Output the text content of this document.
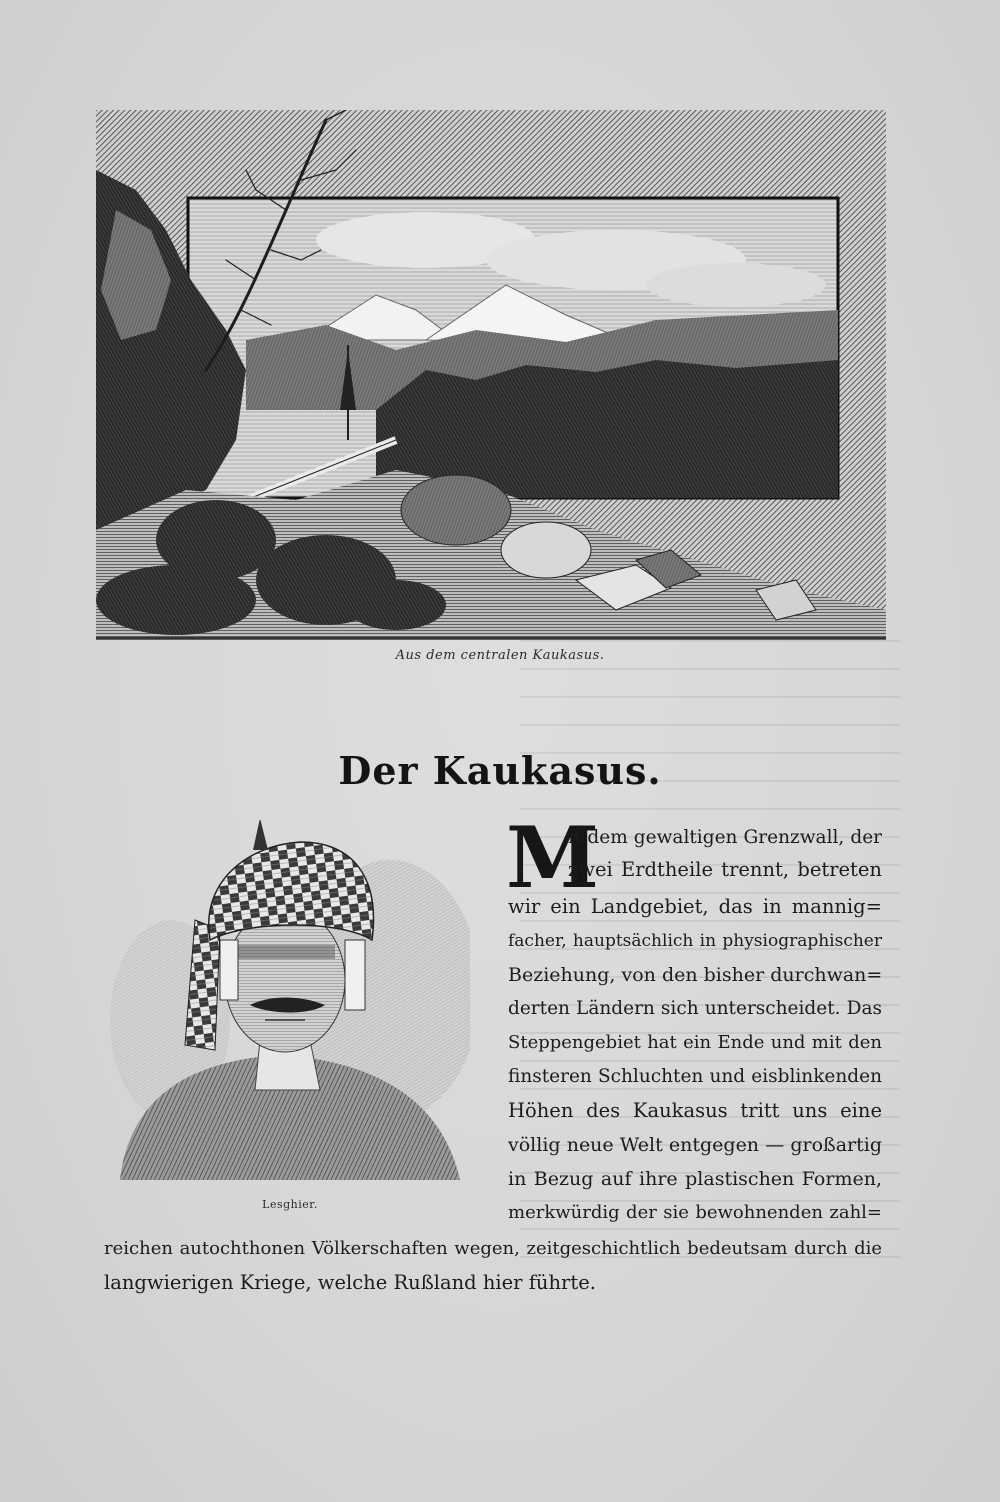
Aus dem centralen Kaukasus.
Der Kaukasus.
Lesghier.
M
it dem gewaltigen Grenzwall, der
zwei Erdtheile trennt, betreten
wir ein Landgebiet, das in mannig=
facher, hauptsächlich in physiographischer
Beziehung, von den bisher durchwan=
derten Ländern sich unterscheidet. Das
Steppengebiet hat ein Ende und mit den
finsteren Schluchten und eisblinkenden
Höhen des Kaukasus tritt uns eine
völlig neue Welt entgegen — großartig
in Bezug auf ihre plastischen Formen,
merkwürdig der sie bewohnenden zahl=
reichen autochthonen Völkerschaften wegen, zeitgeschichtlich bedeutsam durch die
langwierigen Kriege, welche Rußland hier führte.
